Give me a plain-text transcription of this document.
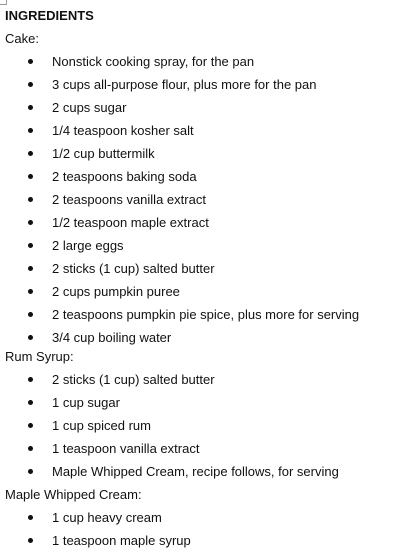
INGREDIENTS
Cake:
Nonstick cooking spray, for the pan
3 cups all-purpose flour, plus more for the pan
2 cups sugar
1/4 teaspoon kosher salt
1/2 cup buttermilk
2 teaspoons baking soda
2 teaspoons vanilla extract
1/2 teaspoon maple extract
2 large eggs
2 sticks (1 cup) salted butter
2 cups pumpkin puree
2 teaspoons pumpkin pie spice, plus more for serving
3/4 cup boiling water
Rum Syrup:
2 sticks (1 cup) salted butter
1 cup sugar
1 cup spiced rum
1 teaspoon vanilla extract
Maple Whipped Cream, recipe follows, for serving
Maple Whipped Cream:
1 cup heavy cream
1 teaspoon maple syrup
